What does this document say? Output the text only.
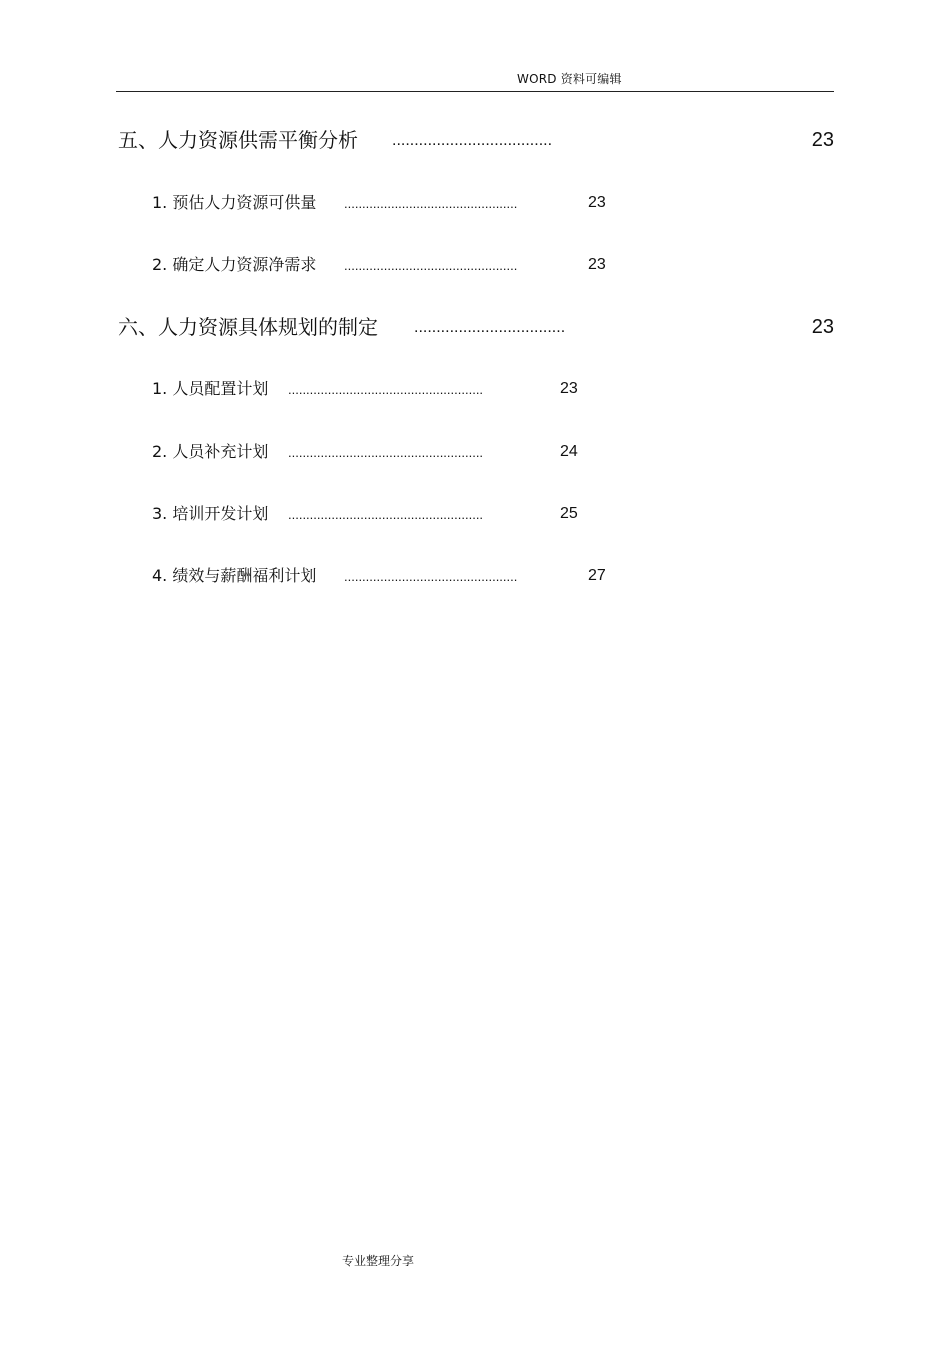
WORD 资料可编辑
五、人力资源供需平衡分析 ....................................	23
1. 预估人力资源可供量 ................................................	23
2. 确定人力资源净需求 ................................................	23
六、人力资源具体规划的制定 ..................................	23
1. 人员配置计划 ......................................................	23
2. 人员补充计划 ......................................................	24
3. 培训开发计划 ......................................................	25
4. 绩效与薪酬福利计划 ................................................	27
专业整理分享
